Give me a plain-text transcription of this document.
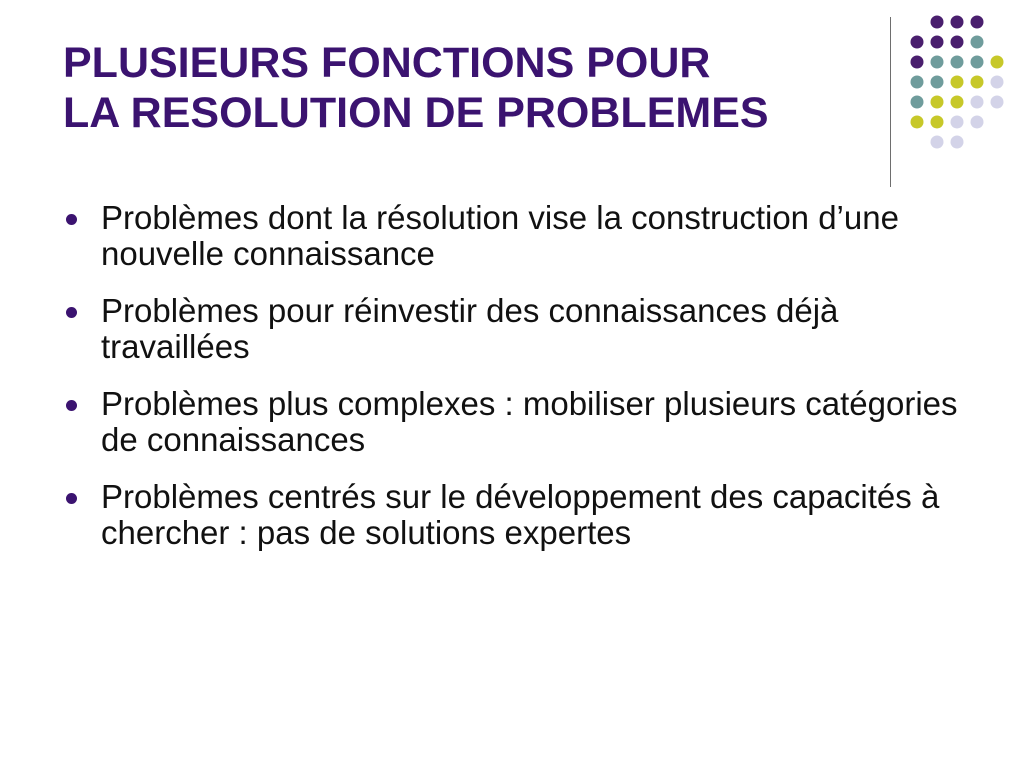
PLUSIEURS FONCTIONS POUR
LA RESOLUTION DE PROBLEMES
Problèmes dont la résolution vise la construction d’une nouvelle connaissance
Problèmes pour réinvestir des connaissances déjà travaillées
Problèmes plus complexes : mobiliser plusieurs catégories de connaissances
Problèmes centrés sur le développement des capacités à chercher : pas de solutions expertes
